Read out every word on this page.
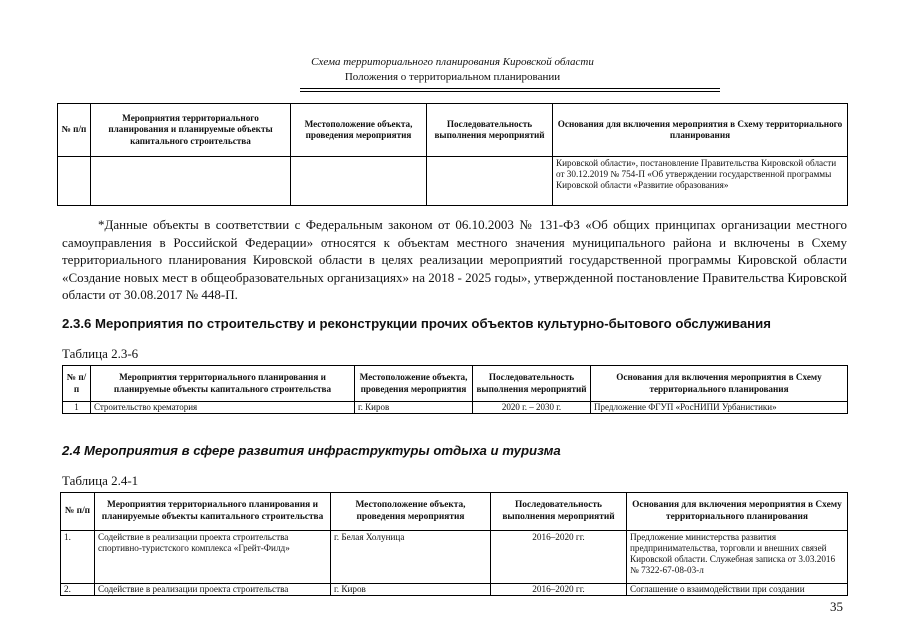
Схема территориального планирования Кировской области
Положения о территориальном планировании
№ п/п	Мероприятия территориального планирования и планируемые объекты капитального строительства	Местоположение объекта, проведения мероприятия	Последовательность выполнения мероприятий	Основания для включения мероприятия в Схему территориального планирования
				Кировской области», постановление Правительства Кировской области от 30.12.2019 № 754-П «Об утверждении государственной программы Кировской области «Развитие образования»

*Данные объекты в соответствии с Федеральным законом от 06.10.2003 № 131-ФЗ «Об общих принципах организации местного самоуправления в Российской Федерации» относятся к объектам местного значения муниципального района и включены в Схему территориального планирования Кировской области в целях реализации мероприятий государственной программы Кировской области «Создание новых мест в общеобразовательных организациях» на 2018 - 2025 годы», утвержденной постановление Правительства Кировской области от 30.08.2017 № 448-П.

2.3.6 Мероприятия по строительству и реконструкции прочих объектов культурно-бытового обслуживания
Таблица 2.3-6
№ п/п	Мероприятия территориального планирования и планируемые объекты капитального строительства	Местоположение объекта, проведения мероприятия	Последовательность выполнения мероприятий	Основания для включения мероприятия в Схему территориального планирования
1	Строительство крематория	г. Киров	2020 г. – 2030 г.	Предложение ФГУП «РосНИПИ Урбанистики»
2.4 Мероприятия в сфере развития инфраструктуры отдыха и туризма
Таблица 2.4-1
№ п/п	Мероприятия территориального планирования и планируемые объекты капитального строительства	Местоположение объекта, проведения мероприятия	Последовательность выполнения мероприятий	Основания для включения мероприятия в Схему территориального планирования
1.	Содействие в реализации проекта строительства спортивно-туристского комплекса «Грейт-Филд»	г. Белая Холуница	2016–2020 гг.	Предложение министерства развития предпринимательства, торговли и внешних связей Кировской области. Служебная записка от 3.03.2016 № 7322-67-08-03-л
2.	Содействие в реализации проекта строительства	г. Киров	2016–2020 гг.	Соглашение о взаимодействии при создании
35
